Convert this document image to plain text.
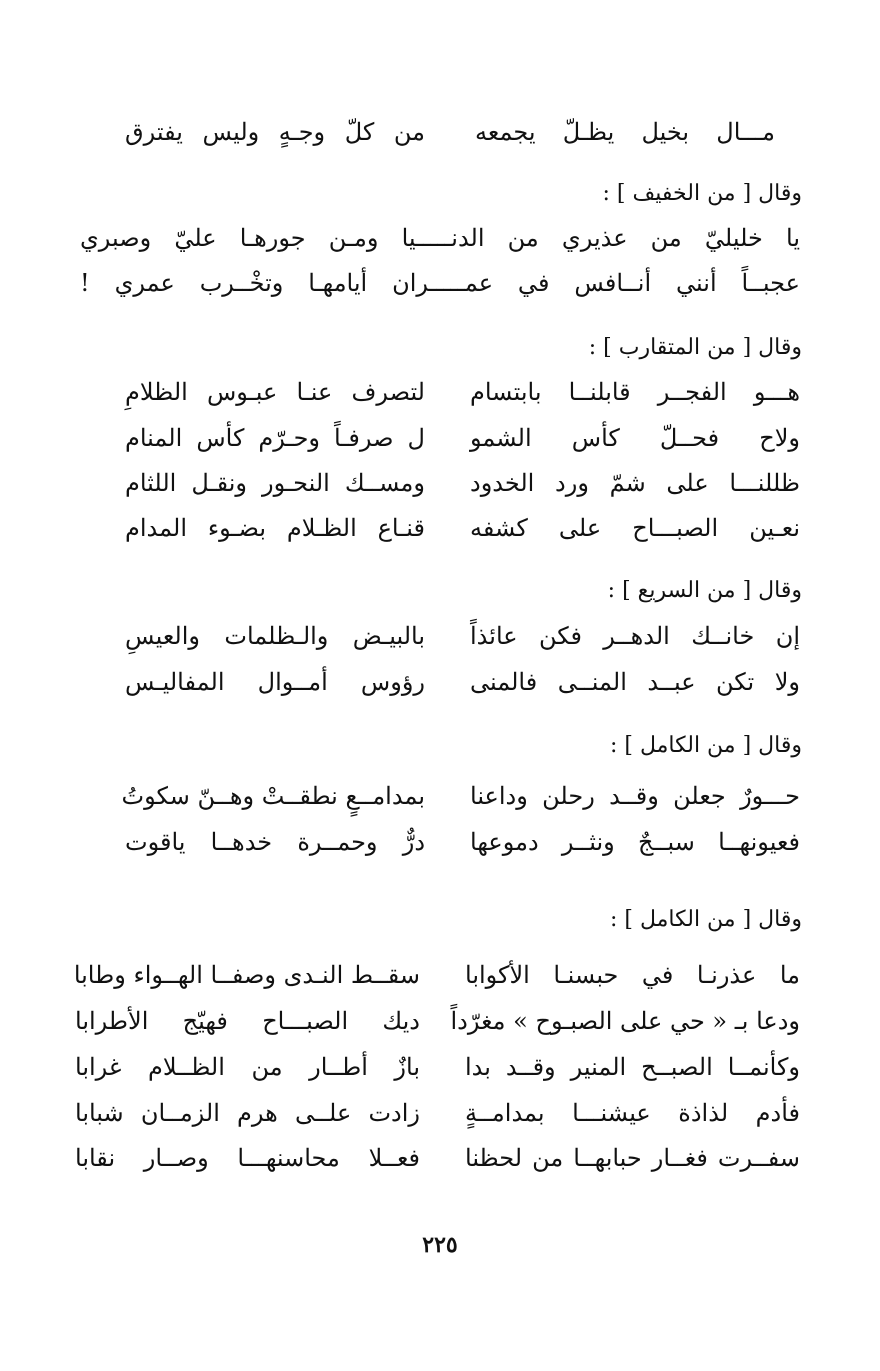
مـــال بخيل يظـلّ يجمعه
من كلّ وجـهٍ وليس يفترق
وقال [ من الخفيف ] :
يا خليليّ من عذيري من الدنـــــيا ومـن جورهـا عليّ وصبري
عجبــاً أنني أنــافس في عمـــــران أيامهـا وتخْــرب عمري !
وقال [ من المتقارب ] :
هـــو الفجــر قابلنــا بابتسام
لتصرف عنـا عبـوس الظلامِ
ولاح فحــلّ كأس الشمو
ل صرفـاً وحـرّم كأس المنام
ظللنـــا على شمّ ورد الخدود
ومســك النحـور ونقـل اللثام
نعـين الصبـــاح على كشفه
قنـاع الظـلام بضـوء المدام
وقال [ من السريع ] :
إن خانــك الدهــر فكن عائذاً
بالبيـض والـظلمات والعيسِ
ولا تكن عبــد المنــى فالمنى
رؤوس أمــوال المفاليـس
وقال [ من الكامل ] :
حـــورٌ جعلن وقــد رحلن وداعنا
بمدامــعٍ نطقــتْ وهــنّ سكوتُ
فعيونهــا سبــجٌ ونثــر دموعها
درٌّ وحمــرة خدهــا ياقوت
وقال [ من الكامل ] :
ما عذرنـا في حبسنـا الأكوابا
سقــط النـدى وصفــا الهــواء وطابا
ودعا بـ « حي على الصبـوح » مغرّداً
ديك الصبـــاح فهيّج الأطرابا
وكأنمــا الصبــح المنير وقــد بدا
بازٌ أطــار من الظــلام غرابا
فأدم لذاذة عيشنـــا بمدامــةٍ
زادت علــى هرم الزمــان شبابا
سفــرت فغــار حبابهــا من لحظنا
فعــلا محاسنهـــا وصــار نقابا
٢٢٥
